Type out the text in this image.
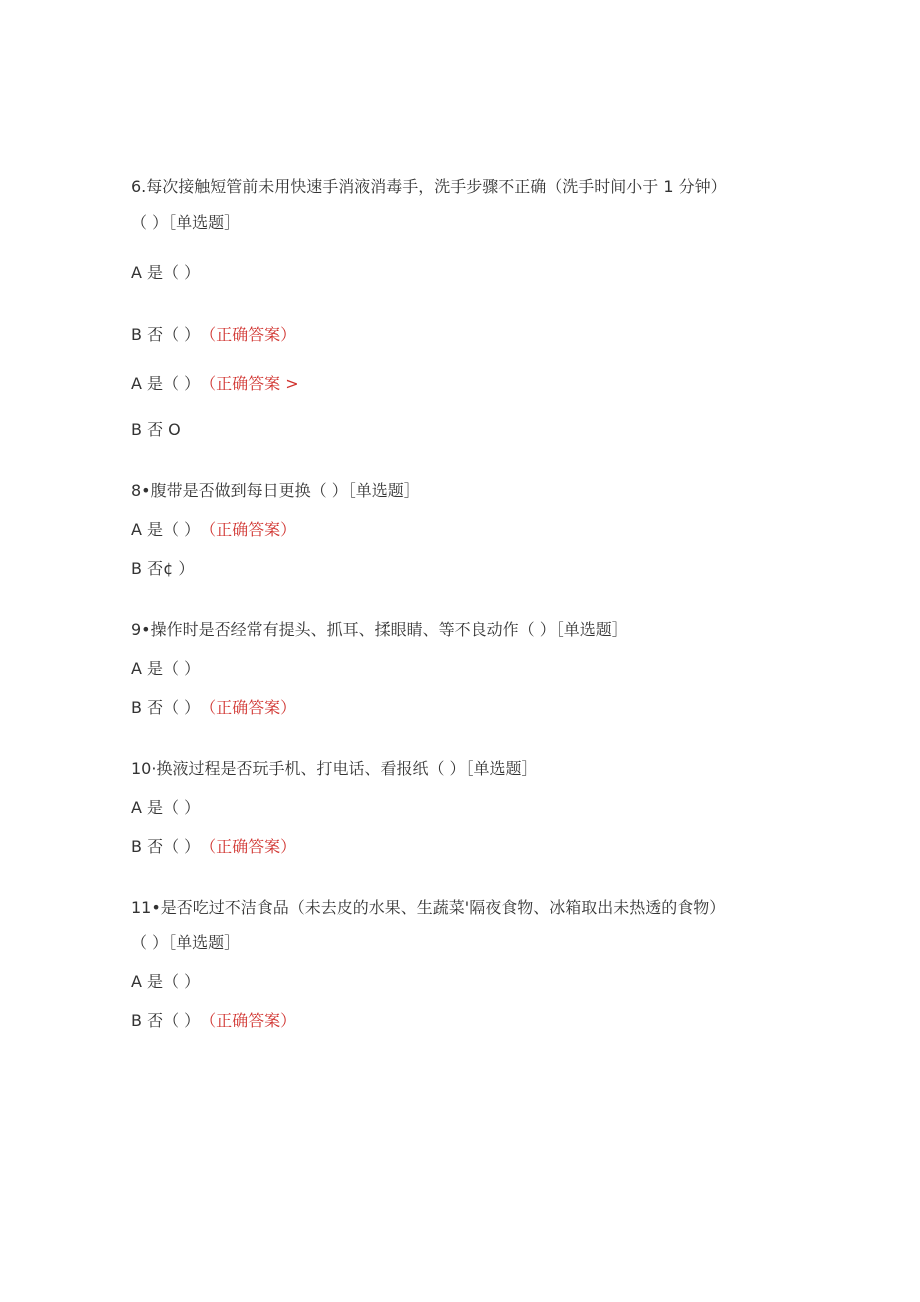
6.每次接触短管前未用快速手消液消毒手，洗手步骤不正确（洗手时间小于 1 分钟）
（ ）［单选题］
A 是（ ）
B 否（ ） （正确答案）
A 是（ ） （正确答案 >
B 否 O
8•腹带是否做到每日更换（ ）［单选题］
A 是（ ） （正确答案）
B 否¢ ）
9•操作时是否经常有提头、抓耳、揉眼睛、等不良动作（ ）［单选题］
A 是（ ）
B 否（ ） （正确答案）
10·换液过程是否玩手机、打电话、看报纸（ ）［单选题］
A 是（ ）
B 否（ ） （正确答案）
11•是否吃过不洁食品（未去皮的水果、生蔬菜'隔夜食物、冰箱取出未热透的食物）
（ ）［单选题］
A 是（ ）
B 否（ ） （正确答案）
